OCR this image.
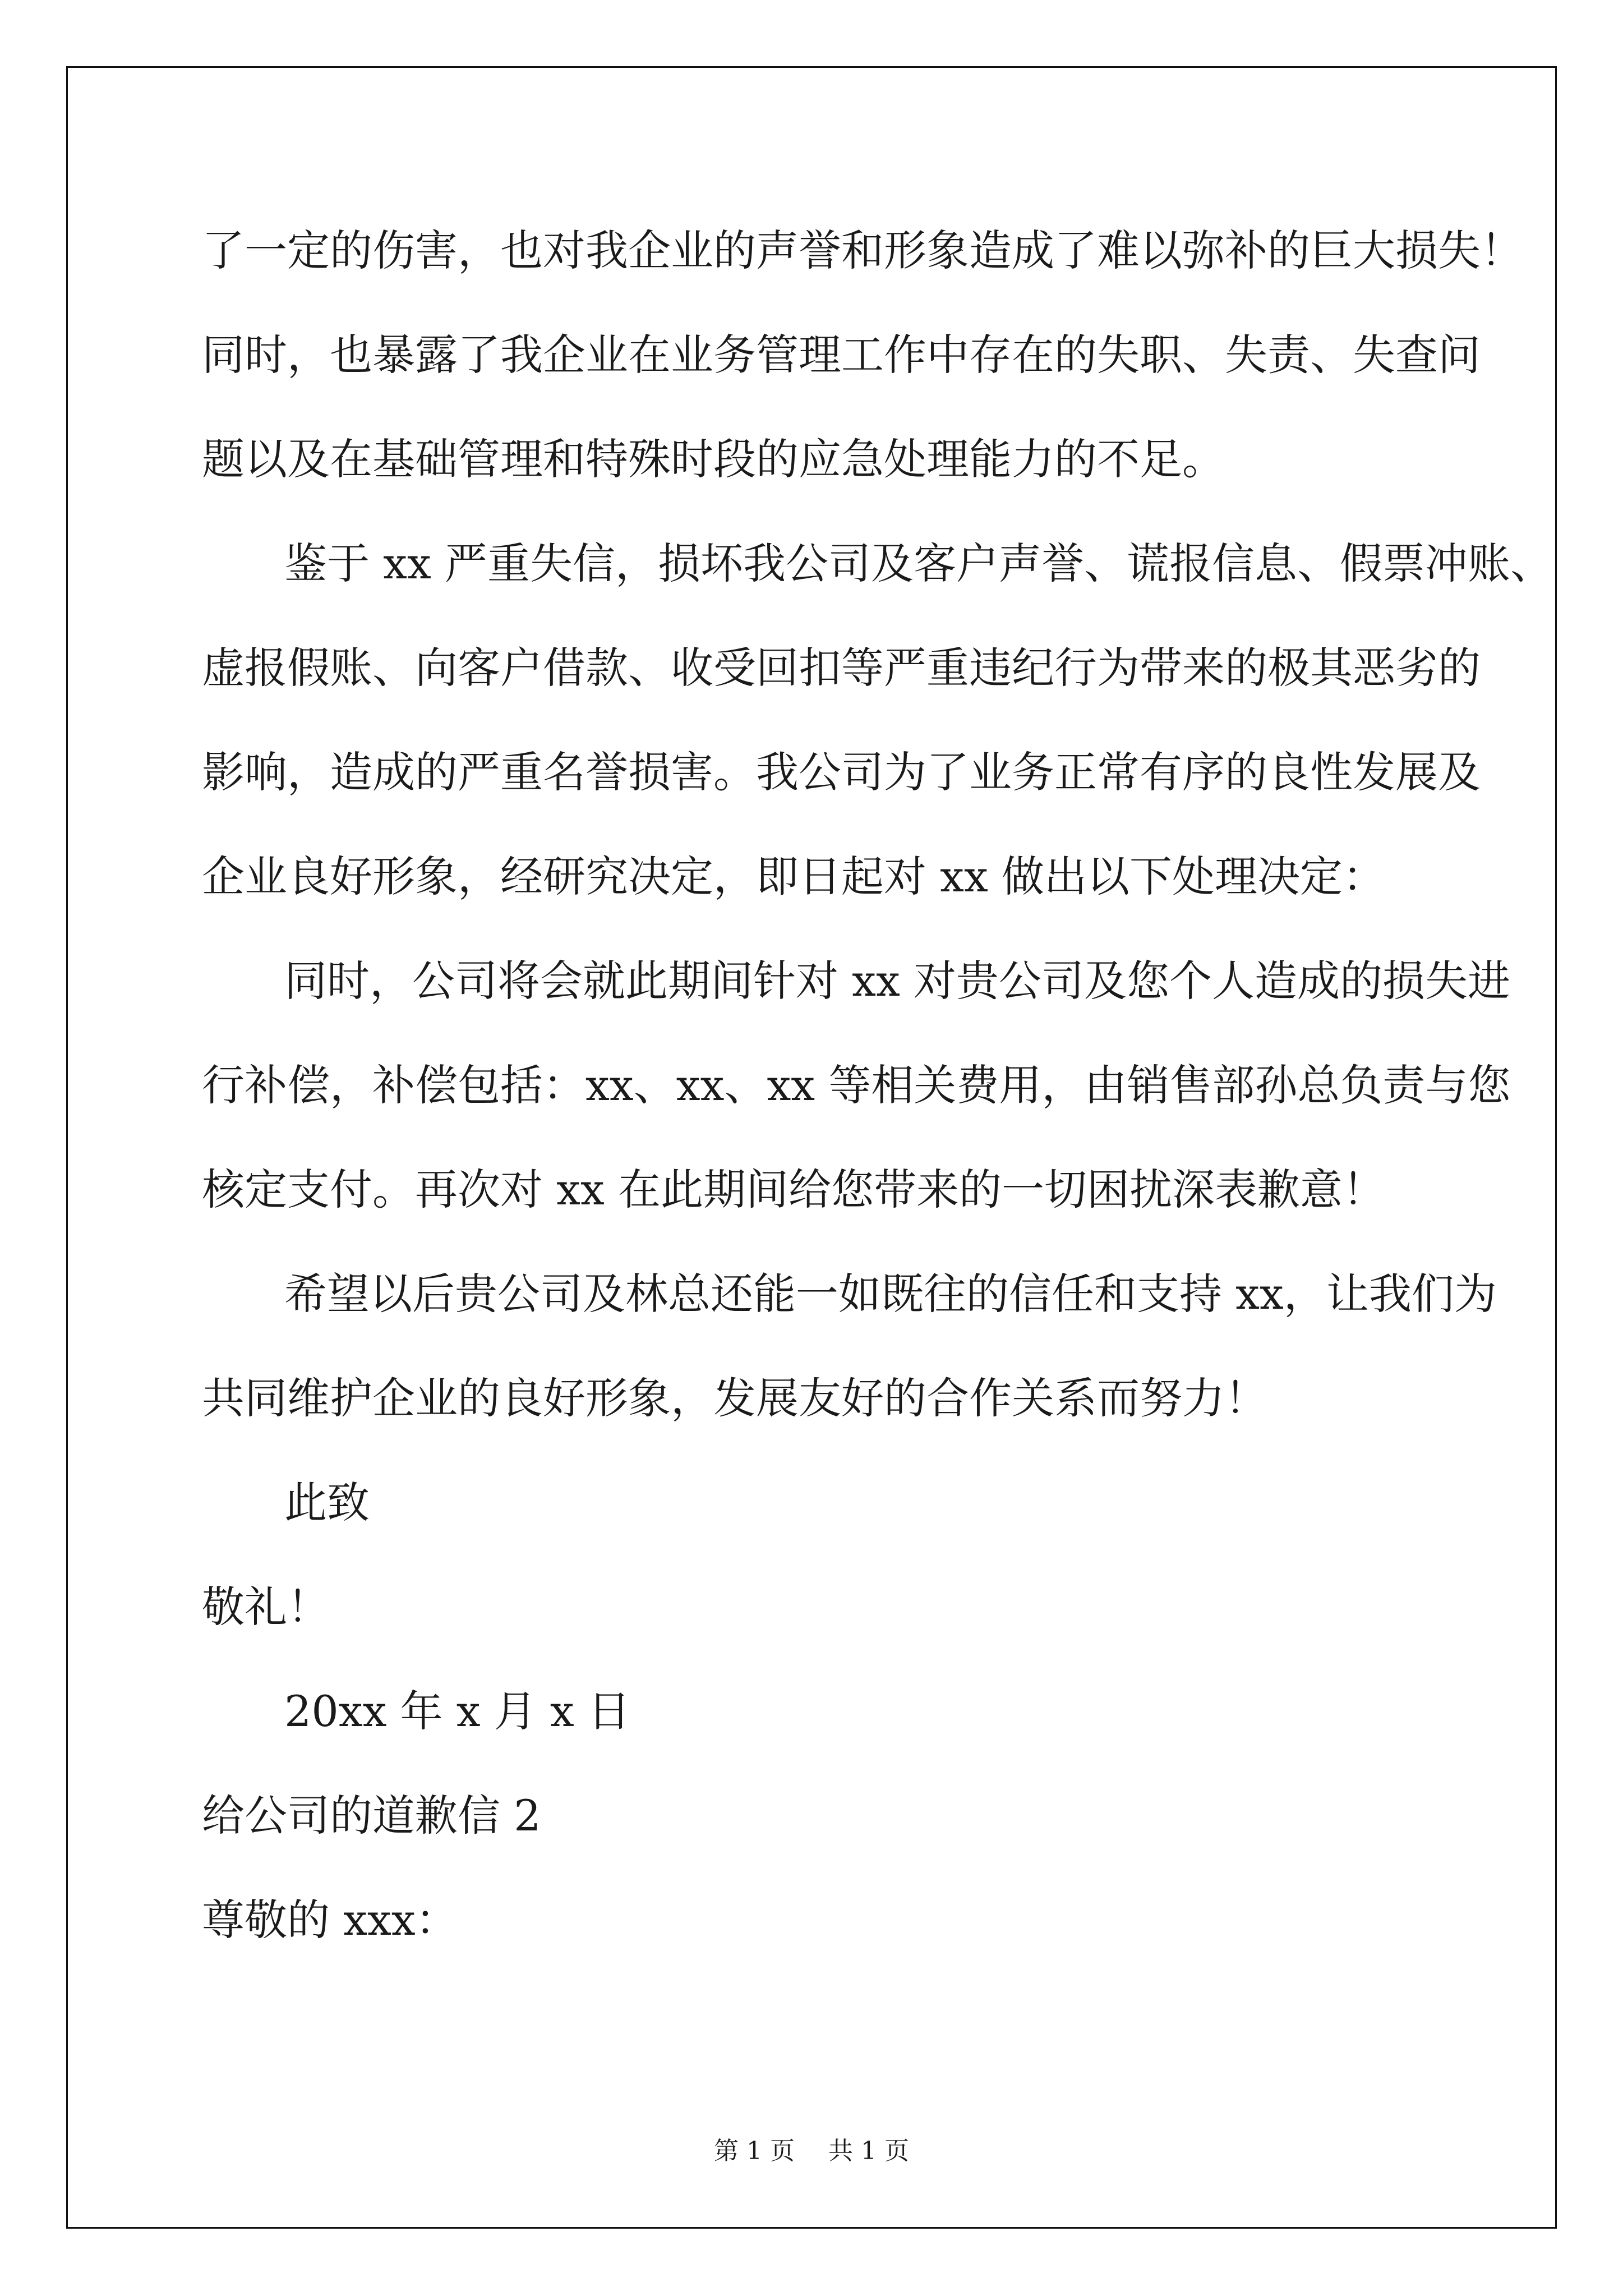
了一定的伤害，也对我企业的声誉和形象造成了难以弥补的巨大损失！
同时，也暴露了我企业在业务管理工作中存在的失职、失责、失查问
题以及在基础管理和特殊时段的应急处理能力的不足。
鉴于 xx 严重失信，损坏我公司及客户声誉、谎报信息、假票冲账、
虚报假账、向客户借款、收受回扣等严重违纪行为带来的极其恶劣的
影响，造成的严重名誉损害。我公司为了业务正常有序的良性发展及
企业良好形象，经研究决定，即日起对 xx 做出以下处理决定：
同时，公司将会就此期间针对 xx 对贵公司及您个人造成的损失进
行补偿，补偿包括：xx、xx、xx 等相关费用，由销售部孙总负责与您
核定支付。再次对 xx 在此期间给您带来的一切困扰深表歉意！
希望以后贵公司及林总还能一如既往的信任和支持 xx，让我们为
共同维护企业的良好形象，发展友好的合作关系而努力！
此致
敬礼！
20xx 年 x 月 x 日
给公司的道歉信 2
尊敬的 xxx：
第 1 页 共 1 页
